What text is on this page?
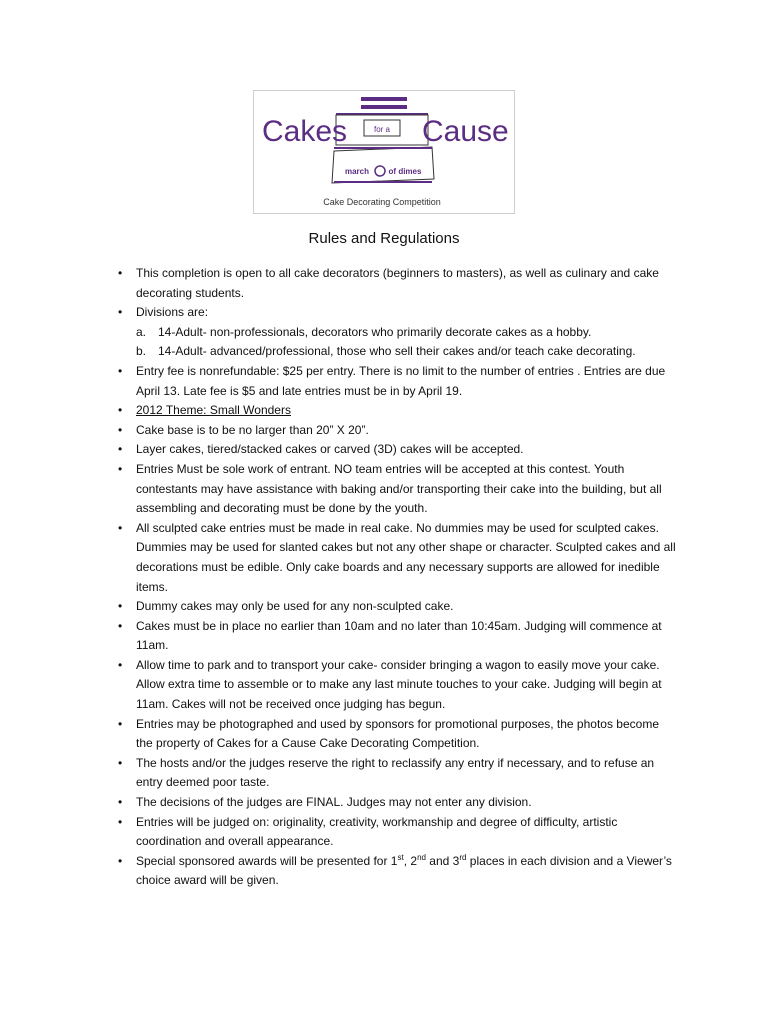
for a
march of dimes
Cakes Cause
Cake Decorating Competition
Rules and Regulations
• This completion is open to all cake decorators (beginners to masters), as well as culinary and cake decorating students.
• Divisions are:
a. 14-Adult- non-professionals, decorators who primarily decorate cakes as a hobby.
b. 14-Adult- advanced/professional, those who sell their cakes and/or teach cake decorating.
• Entry fee is nonrefundable: $25 per entry. There is no limit to the number of entries . Entries are due April 13. Late fee is $5 and late entries must be in by April 19.
• 2012 Theme: Small Wonders
• Cake base is to be no larger than 20” X 20”.
• Layer cakes, tiered/stacked cakes or carved (3D) cakes will be accepted.
• Entries Must be sole work of entrant. NO team entries will be accepted at this contest. Youth contestants may have assistance with baking and/or transporting their cake into the building, but all assembling and decorating must be done by the youth.
• All sculpted cake entries must be made in real cake. No dummies may be used for sculpted cakes. Dummies may be used for slanted cakes but not any other shape or character. Sculpted cakes and all decorations must be edible. Only cake boards and any necessary supports are allowed for inedible items.
• Dummy cakes may only be used for any non-sculpted cake.
• Cakes must be in place no earlier than 10am and no later than 10:45am. Judging will commence at 11am.
• Allow time to park and to transport your cake- consider bringing a wagon to easily move your cake. Allow extra time to assemble or to make any last minute touches to your cake. Judging will begin at 11am. Cakes will not be received once judging has begun.
• Entries may be photographed and used by sponsors for promotional purposes, the photos become the property of Cakes for a Cause Cake Decorating Competition.
• The hosts and/or the judges reserve the right to reclassify any entry if necessary, and to refuse an entry deemed poor taste.
• The decisions of the judges are FINAL. Judges may not enter any division.
• Entries will be judged on: originality, creativity, workmanship and degree of difficulty, artistic coordination and overall appearance.
• Special sponsored awards will be presented for 1st, 2nd and 3rd places in each division and a Viewer’s choice award will be given.
